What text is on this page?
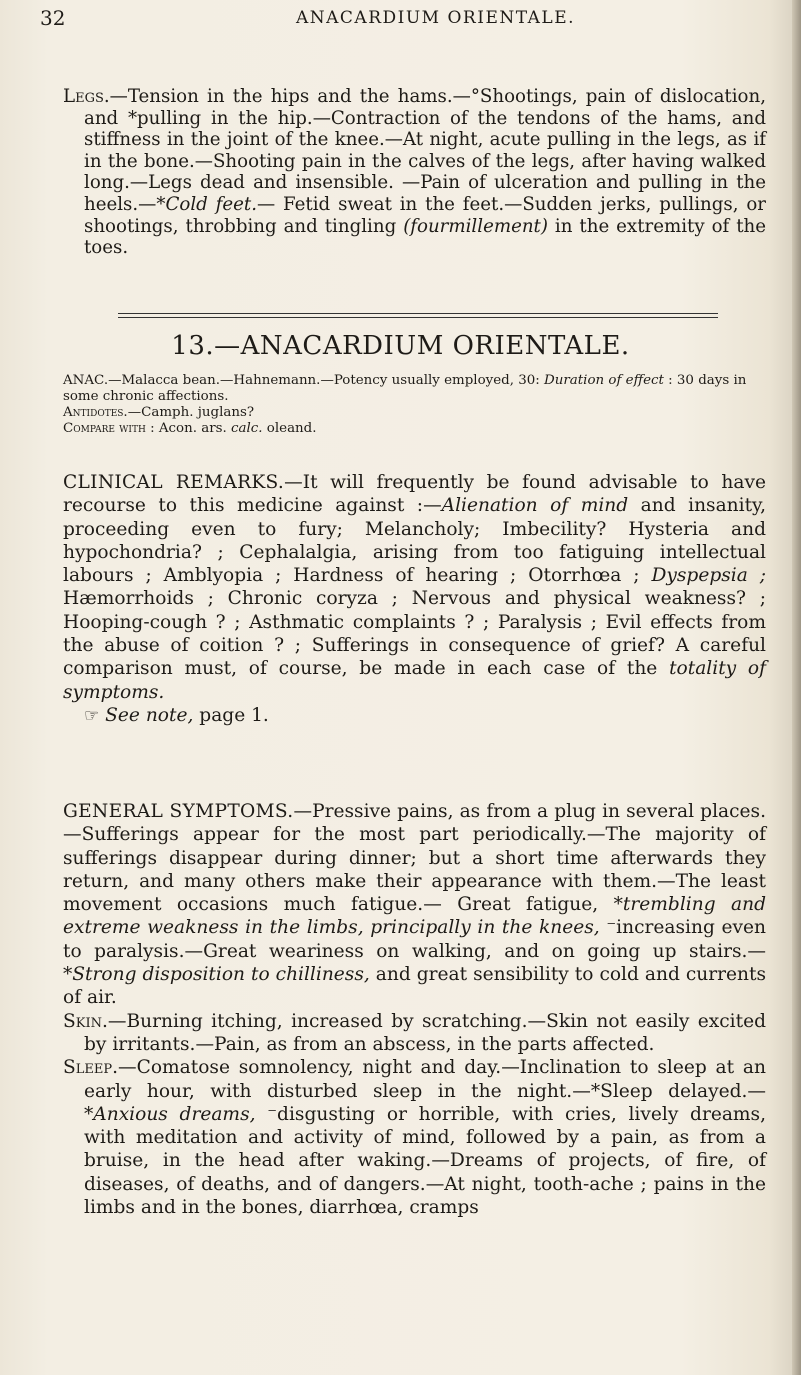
32	ANACARDIUM ORIENTALE.

Legs.—Tension in the hips and the hams.—°Shootings, pain of dislocation, and *pulling in the hip.—Contraction of the tendons of the hams, and stiffness in the joint of the knee.—At night, acute pulling in the legs, as if in the bone.—Shooting pain in the calves of the legs, after having walked long.—Legs dead and insensible. —Pain of ulceration and pulling in the heels.—*Cold feet.— Fetid sweat in the feet.—Sudden jerks, pullings, or shootings, throbbing and tingling (fourmillement) in the extremity of the toes.

13.—ANACARDIUM ORIENTALE.

ANAC.—Malacca bean.—Hahnemann.—Potency usually employed, 30: Duration of effect : 30 days in some chronic affections.

Antidotes.—Camph. juglans?

Compare with : Acon. ars. calc. oleand.

CLINICAL REMARKS.—It will frequently be found advisable to have recourse to this medicine against :—Alienation of mind and insanity, proceeding even to fury; Melancholy; Imbecility? Hysteria and hypochondria? ; Cephalalgia, arising from too fatiguing intellectual labours ; Amblyopia ; Hardness of hearing ; Otorrhœa ; Dyspepsia ; Hæmorrhoids ; Chronic coryza ; Nervous and physical weakness? ; Hooping-cough ? ; Asthmatic complaints ? ; Paralysis ; Evil effects from the abuse of coition ? ; Sufferings in consequence of grief? A careful comparison must, of course, be made in each case of the totality of symptoms.

☞ See note, page 1.

GENERAL SYMPTOMS.—Pressive pains, as from a plug in several places.—Sufferings appear for the most part periodically.—The majority of sufferings disappear during dinner; but a short time afterwards they return, and many others make their appearance with them.—The least movement occasions much fatigue.— Great fatigue, *trembling and extreme weakness in the limbs, principally in the knees, ⁻increasing even to paralysis.—Great weariness on walking, and on going up stairs.—*Strong disposition to chilliness, and great sensibility to cold and currents of air.

Skin.—Burning itching, increased by scratching.—Skin not easily excited by irritants.—Pain, as from an abscess, in the parts affected.

Sleep.—Comatose somnolency, night and day.—Inclination to sleep at an early hour, with disturbed sleep in the night.—*Sleep delayed.—*Anxious dreams, ⁻disgusting or horrible, with cries, lively dreams, with meditation and activity of mind, followed by a pain, as from a bruise, in the head after waking.—Dreams of projects, of fire, of diseases, of deaths, and of dangers.—At night, tooth-ache ; pains in the limbs and in the bones, diarrhœa, cramps
